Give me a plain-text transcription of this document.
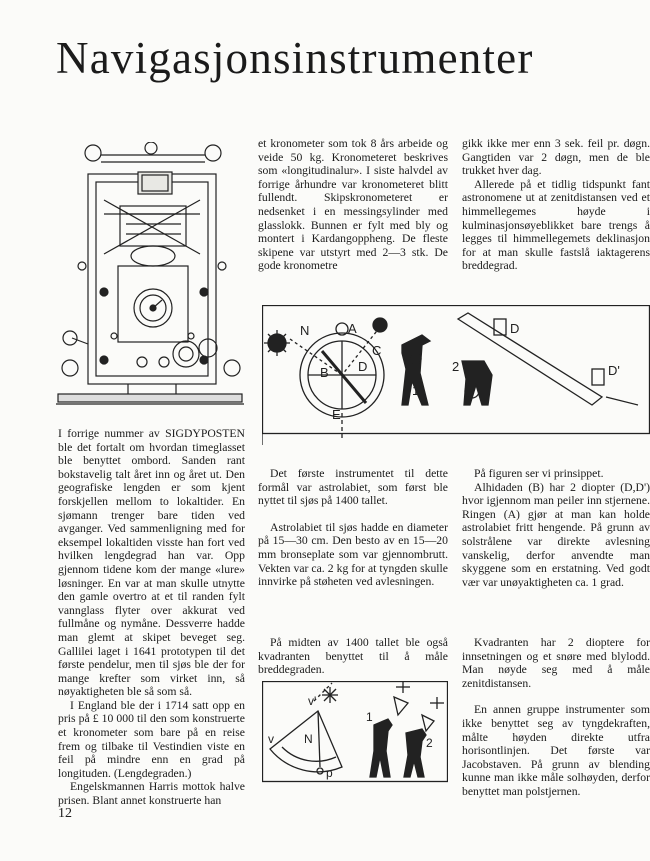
Navigasjonsinstrumenter

I forrige nummer av SIGDYPOSTEN ble det fortalt om hvordan timeglasset ble benyttet ombord. Sanden rant bokstavelig talt året inn og året ut. Den geografiske lengden er som kjent forskjellen mellom to lokaltider. En sjømann trenger bare tiden ved avganger. Ved sammenligning med for eksempel lokaltiden visste han fort ved hvilken lengdegrad han var. Opp gjennom tidene kom der mange «lure» løsninger. En var at man skulle utnytte den gamle overtro at et til randen fylt vannglass flyter over akkurat ved fullmåne og nymåne. Dessverre hadde man glemt at skipet beveget seg. Gallilei laget i 1641 prototypen til det første pendelur, men til sjøs ble der for mange krefter som virket inn, så nøyaktigheten ble så som så.

I England ble der i 1714 satt opp en pris på £ 10 000 til den som konstruerte et kronometer som bare på en reise frem og tilbake til Vestindien viste en feil på mindre enn en grad på longituden. (Lengdegraden.)

Engelskmannen Harris mottok halve prisen. Blant annet konstruerte han

et kronometer som tok 8 års arbeide og veide 50 kg. Kronometeret beskrives som «longitudinalur». I siste halvdel av forrige århundre var kronometeret blitt fullendt. Skipskronometeret er nedsenket i en messingsylinder med glasslokk. Bunnen er fylt med bly og montert i Kardangoppheng. De fleste skipene var utstyrt med 2—3 stk. De gode kronometre

gikk ikke mer enn 3 sek. feil pr. døgn. Gangtiden var 2 døgn, men de ble trukket hver dag.

Allerede på et tidlig tidspunkt fant astronomene ut at zenitdistansen ved et himmellegemes høyde i kulminasjonsøyeblikket bare trengs å legges til himmellegemets deklinasjon for at man skulle fastslå iaktagerens breddegrad.

N	A
C
B D
E
D
D'
1
2

Det første instrumentet til dette formål var astrolabiet, som først ble nyttet til sjøs på 1400 tallet.

Astrolabiet til sjøs hadde en diameter på 15—30 cm. Den besto av en 15—20 mm bronseplate som var gjennombrutt. Vekten var ca. 2 kg for at tyngden skulle innvirke på støheten ved avlesningen.

På figuren ser vi prinsippet.

Alhidaden (B) har 2 diopter (D,D') hvor igjennom man peiler inn stjernene. Ringen (A) gjør at man kan holde astrolabiet fritt hengende. På grunn av solstrålene var direkte avlesning vanskelig, derfor anvendte man skyggene som en erstatning. Ved godt vær var unøyaktigheten ca. 1 grad.

På midten av 1400 tallet ble også kvadranten benyttet til å måle breddegraden.

Kvadranten har 2 dioptere for innsetningen og et snøre med blylodd. Man nøyde seg med å måle zenitdistansen.

En annen gruppe instrumenter som ikke benyttet seg av tyngdekraften, målte høyden direkte utfra horisontlinjen. Det første var Jacobstaven. På grunn av blending kunne man ikke måle solhøyden, derfor benyttet man polstjernen.

v'
N
v
p
1
2
12
